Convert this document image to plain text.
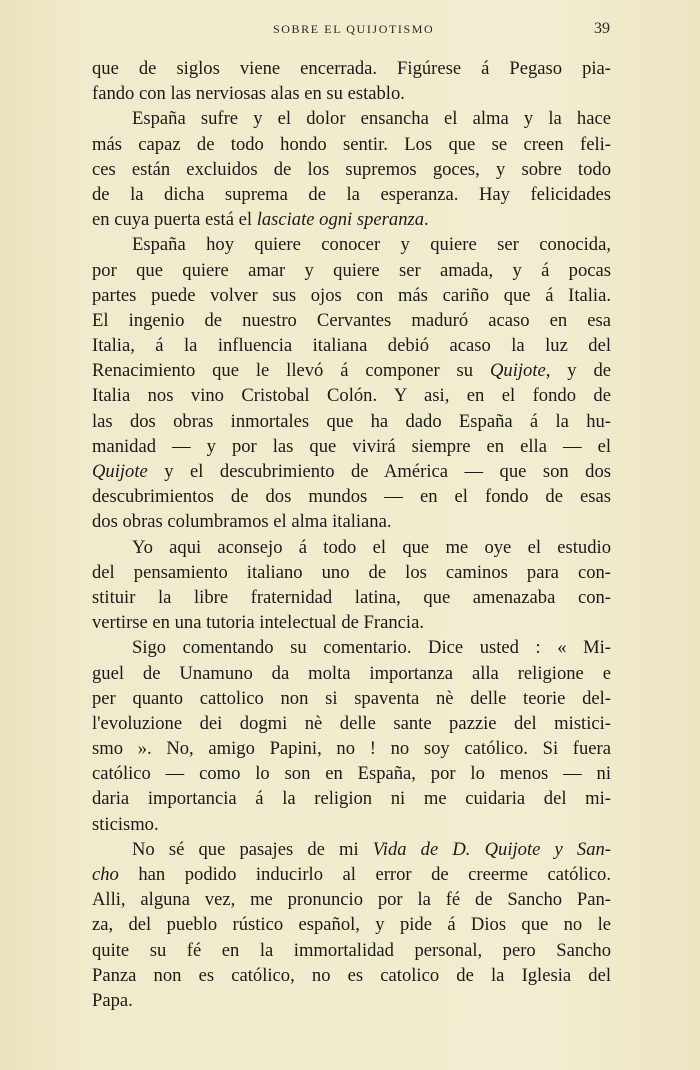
SOBRE EL QUIJOTISMO	39
que de siglos viene encerrada. Figúrese á Pegaso pia-
fando con las nerviosas alas en su establo.
España sufre y el dolor ensancha el alma y la hace
más capaz de todo hondo sentir. Los que se creen feli-
ces están excluidos de los supremos goces, y sobre todo
de la dicha suprema de la esperanza. Hay felicidades
en cuya puerta está el lasciate ogni speranza.
España hoy quiere conocer y quiere ser conocida,
por que quiere amar y quiere ser amada, y á pocas
partes puede volver sus ojos con más cariño que á Italia.
El ingenio de nuestro Cervantes maduró acaso en esa
Italia, á la influencia italiana debió acaso la luz del
Renacimiento que le llevó á componer su Quijote, y de
Italia nos vino Cristobal Colón. Y asi, en el fondo de
las dos obras inmortales que ha dado España á la hu-
manidad — y por las que vivirá siempre en ella — el
Quijote y el descubrimiento de América — que son dos
descubrimientos de dos mundos — en el fondo de esas
dos obras columbramos el alma italiana.
Yo aqui aconsejo á todo el que me oye el estudio
del pensamiento italiano uno de los caminos para con-
stituir la libre fraternidad latina, que amenazaba con-
vertirse en una tutoria intelectual de Francia.
Sigo comentando su comentario. Dice usted : « Mi-
guel de Unamuno da molta importanza alla religione e
per quanto cattolico non si spaventa nè delle teorie del-
l'evoluzione dei dogmi nè delle sante pazzie del mistici-
smo ». No, amigo Papini, no ! no soy católico. Si fuera
católico — como lo son en España, por lo menos — ni
daria importancia á la religion ni me cuidaria del mi-
sticismo.
No sé que pasajes de mi Vida de D. Quijote y San-
cho han podido inducirlo al error de creerme católico.
Alli, alguna vez, me pronuncio por la fé de Sancho Pan-
za, del pueblo rústico español, y pide á Dios que no le
quite su fé en la immortalidad personal, pero Sancho
Panza non es católico, no es catolico de la Iglesia del
Papa.
